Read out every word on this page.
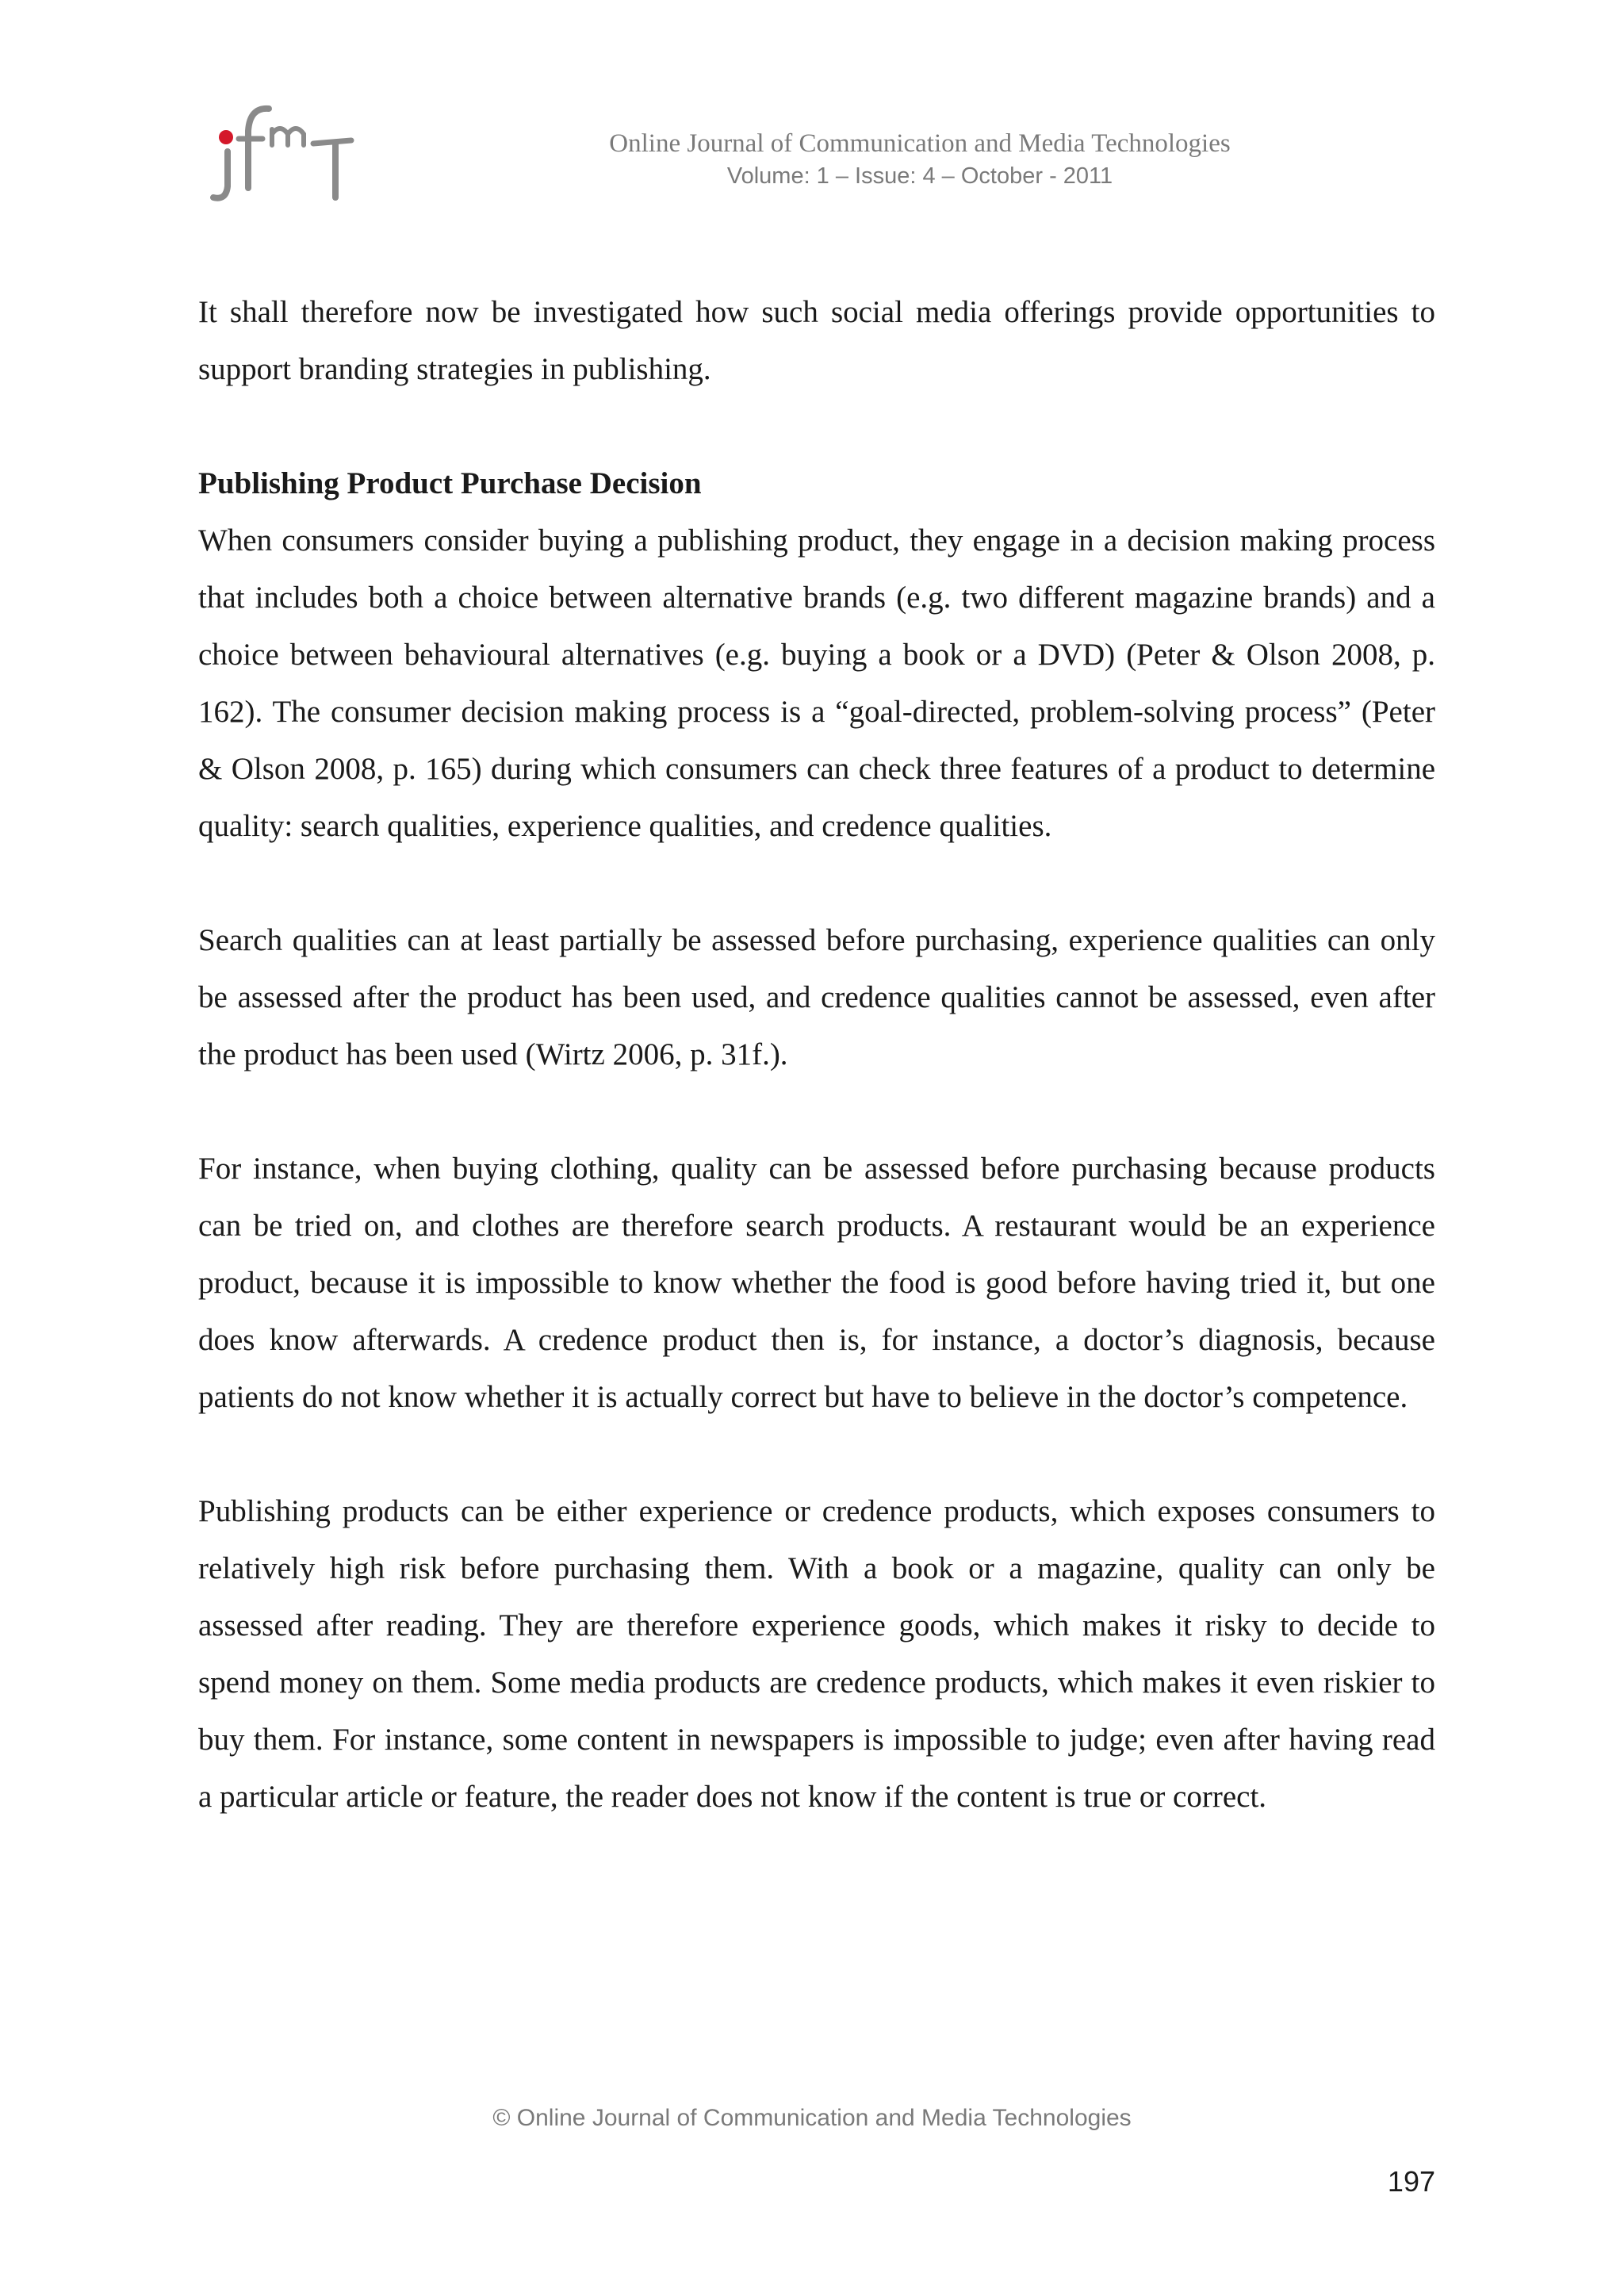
Online Journal of Communication and Media Technologies
Volume: 1 – Issue: 4 – October - 2011

It shall therefore now be investigated how such social media offerings provide opportunities to support branding strategies in publishing.

Publishing Product Purchase Decision

When consumers consider buying a publishing product, they engage in a decision making process that includes both a choice between alternative brands (e.g. two different magazine brands) and a choice between behavioural alternatives (e.g. buying a book or a DVD) (Peter & Olson 2008, p. 162). The consumer decision making process is a “goal-directed, problem-solving process” (Peter & Olson 2008, p. 165) during which consumers can check three features of a product to determine quality: search qualities, experience qualities, and credence qualities.

Search qualities can at least partially be assessed before purchasing, experience qualities can only be assessed after the product has been used, and credence qualities cannot be assessed, even after the product has been used (Wirtz 2006, p. 31f.).

For instance, when buying clothing, quality can be assessed before purchasing because products can be tried on, and clothes are therefore search products. A restaurant would be an experience product, because it is impossible to know whether the food is good before having tried it, but one does know afterwards. A credence product then is, for instance, a doctor’s diagnosis, because patients do not know whether it is actually correct but have to believe in the doctor’s competence.

Publishing products can be either experience or credence products, which exposes consumers to relatively high risk before purchasing them. With a book or a magazine, quality can only be assessed after reading. They are therefore experience goods, which makes it risky to decide to spend money on them. Some media products are credence products, which makes it even riskier to buy them. For instance, some content in newspapers is impossible to judge; even after having read a particular article or feature, the reader does not know if the content is true or correct.

© Online Journal of Communication and Media Technologies
197
